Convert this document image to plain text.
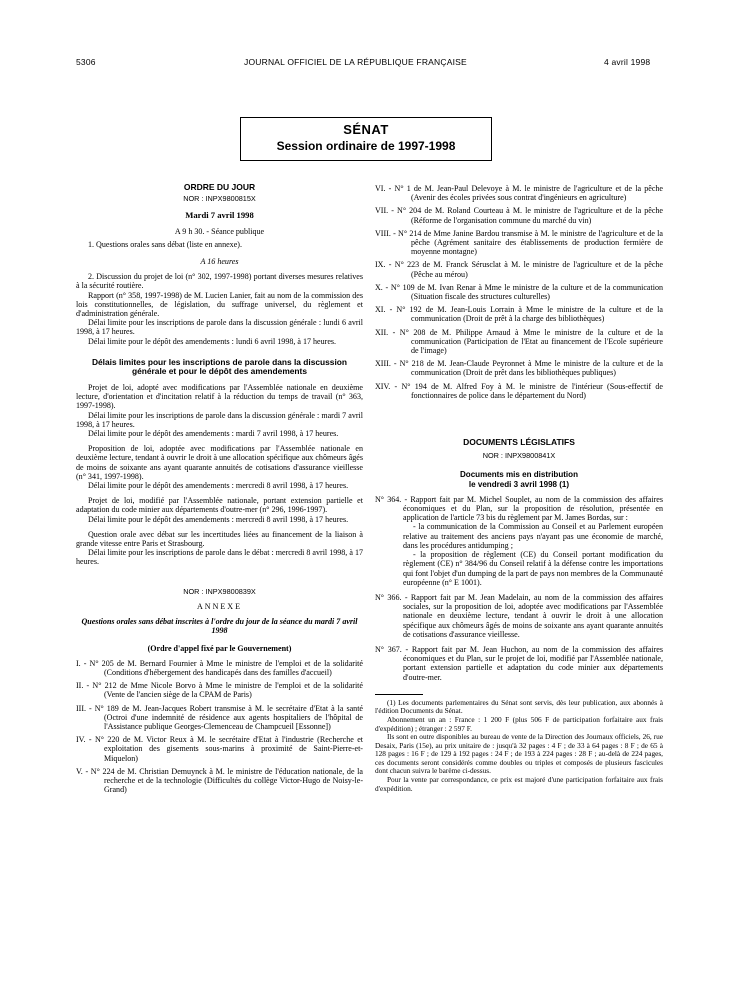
5306	JOURNAL OFFICIEL DE LA RÉPUBLIQUE FRANÇAISE	4 avril 1998
SÉNAT
Session ordinaire de 1997-1998

ORDRE DU JOUR

NOR : INPX9800815X

Mardi 7 avril 1998

A 9 h 30. - Séance publique

1. Questions orales sans débat (liste en annexe).

A 16 heures

2. Discussion du projet de loi (n° 302, 1997-1998) portant diverses mesures relatives à la sécurité routière.

Rapport (n° 358, 1997-1998) de M. Lucien Lanier, fait au nom de la commission des lois constitutionnelles, de législation, du suffrage universel, du règlement et d'administration générale.

Délai limite pour les inscriptions de parole dans la discussion générale : lundi 6 avril 1998, à 17 heures.

Délai limite pour le dépôt des amendements : lundi 6 avril 1998, à 17 heures.

Délais limites pour les inscriptions de parole dans la discussion générale et pour le dépôt des amendements

Projet de loi, adopté avec modifications par l'Assemblée nationale en deuxième lecture, d'orientation et d'incitation relatif à la réduction du temps de travail (n° 363, 1997-1998).

Délai limite pour les inscriptions de parole dans la discussion générale : mardi 7 avril 1998, à 17 heures.

Délai limite pour le dépôt des amendements : mardi 7 avril 1998, à 17 heures.

Proposition de loi, adoptée avec modifications par l'Assemblée nationale en deuxième lecture, tendant à ouvrir le droit à une allocation spécifique aux chômeurs âgés de moins de soixante ans ayant quarante annuités de cotisations d'assurance vieillesse (n° 341, 1997-1998).

Délai limite pour le dépôt des amendements : mercredi 8 avril 1998, à 17 heures.

Projet de loi, modifié par l'Assemblée nationale, portant extension partielle et adaptation du code minier aux départements d'outre-mer (n° 296, 1996-1997).

Délai limite pour le dépôt des amendements : mercredi 8 avril 1998, à 17 heures.

Question orale avec débat sur les incertitudes liées au financement de la liaison à grande vitesse entre Paris et Strasbourg.

Délai limite pour les inscriptions de parole dans le débat : mercredi 8 avril 1998, à 17 heures.

NOR : INPX9800839X

ANNEXE

Questions orales sans débat inscrites à l'ordre du jour de la séance du mardi 7 avril 1998

(Ordre d'appel fixé par le Gouvernement)

I. - N° 205 de M. Bernard Fournier à Mme le ministre de l'emploi et de la solidarité (Conditions d'hébergement des handicapés dans des familles d'accueil)

II. - N° 212 de Mme Nicole Borvo à Mme le ministre de l'emploi et de la solidarité (Vente de l'ancien siège de la CPAM de Paris)

III. - N° 189 de M. Jean-Jacques Robert transmise à M. le secrétaire d'Etat à la santé (Octroi d'une indemnité de résidence aux agents hospitaliers de l'hôpital de l'Assistance publique Georges-Clemenceau de Champcueil [Essonne])

IV. - N° 220 de M. Victor Reux à M. le secrétaire d'Etat à l'industrie (Recherche et exploitation des gisements sous-marins à proximité de Saint-Pierre-et-Miquelon)

V. - N° 224 de M. Christian Demuynck à M. le ministre de l'éducation nationale, de la recherche et de la technologie (Difficultés du collège Victor-Hugo de Noisy-le-Grand)

VI. - N° 1 de M. Jean-Paul Delevoye à M. le ministre de l'agriculture et de la pêche (Avenir des écoles privées sous contrat d'ingénieurs en agriculture)

VII. - N° 204 de M. Roland Courteau à M. le ministre de l'agriculture et de la pêche (Réforme de l'organisation commune du marché du vin)

VIII. - N° 214 de Mme Janine Bardou transmise à M. le ministre de l'agriculture et de la pêche (Agrément sanitaire des établissements de production fermière de moyenne montagne)

IX. - N° 223 de M. Franck Sérusclat à M. le ministre de l'agriculture et de la pêche (Pêche au mérou)

X. - N° 109 de M. Ivan Renar à Mme le ministre de la culture et de la communication (Situation fiscale des structures culturelles)

XI. - N° 192 de M. Jean-Louis Lorrain à Mme le ministre de la culture et de la communication (Droit de prêt à la charge des bibliothèques)

XII. - N° 208 de M. Philippe Arnaud à Mme le ministre de la culture et de la communication (Participation de l'Etat au financement de l'Ecole supérieure de l'image)

XIII. - N° 218 de M. Jean-Claude Peyronnet à Mme le ministre de la culture et de la communication (Droit de prêt dans les bibliothèques publiques)

XIV. - N° 194 de M. Alfred Foy à M. le ministre de l'intérieur (Sous-effectif de fonctionnaires de police dans le département du Nord)

DOCUMENTS LÉGISLATIFS

NOR : INPX9800841X

Documents mis en distribution

le vendredi 3 avril 1998 (1)

N° 364. - Rapport fait par M. Michel Souplet, au nom de la commission des affaires économiques et du Plan, sur la proposition de résolution, présentée en application de l'article 73 bis du règlement par M. James Bordas, sur :

- la communication de la Commission au Conseil et au Parlement européen relative au traitement des anciens pays n'ayant pas une économie de marché, dans les procédures antidumping ;

- la proposition de règlement (CE) du Conseil portant modification du règlement (CE) n° 384/96 du Conseil relatif à la défense contre les importations qui font l'objet d'un dumping de la part de pays non membres de la Communauté européenne (n° E 1001).

N° 366. - Rapport fait par M. Jean Madelain, au nom de la commission des affaires sociales, sur la proposition de loi, adoptée avec modifications par l'Assemblée nationale en deuxième lecture, tendant à ouvrir le droit à une allocation spécifique aux chômeurs âgés de moins de soixante ans ayant quarante annuités de cotisations d'assurance vieillesse.

N° 367. - Rapport fait par M. Jean Huchon, au nom de la commission des affaires économiques et du Plan, sur le projet de loi, modifié par l'Assemblée nationale, portant extension partielle et adaptation du code minier aux départements d'outre-mer.

(1) Les documents parlementaires du Sénat sont servis, dès leur publication, aux abonnés à l'édition Documents du Sénat.

Abonnement un an : France : 1 200 F (plus 506 F de participation forfaitaire aux frais d'expédition) ; étranger : 2 597 F.

Ils sont en outre disponibles au bureau de vente de la Direction des Journaux officiels, 26, rue Desaix, Paris (15e), au prix unitaire de : jusqu'à 32 pages : 4 F ; de 33 à 64 pages : 8 F ; de 65 à 128 pages : 16 F ; de 129 à 192 pages : 24 F ; de 193 à 224 pages : 28 F ; au-delà de 224 pages, ces documents seront considérés comme doubles ou triples et composés de plusieurs fascicules dont chacun suivra le barème ci-dessus.

Pour la vente par correspondance, ce prix est majoré d'une participation forfaitaire aux frais d'expédition.
